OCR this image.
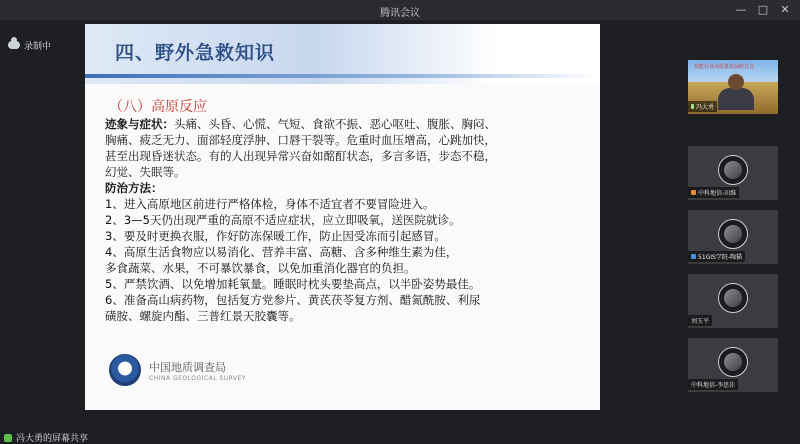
腾讯会议	— □ ✕
录制中	四、野外急救知识
（八）高原反应
迹象与症状：头痛、头昏、心慌、气短、食欲不振、恶心呕吐、腹胀、胸闷、
胸痛、疲乏无力、面部轻度浮肿、口唇干裂等。危重时血压增高，心跳加快，
甚至出现昏迷状态。有的人出现异常兴奋如酩酊状态，多言多语，步态不稳，
幻觉、失眠等。
防治方法：
1、进入高原地区前进行严格体检，身体不适宜者不要冒险进入。
2、3—5天仍出现严重的高原不适应症状，应立即吸氧，送医院就诊。
3、要及时更换衣服，作好防冻保暖工作，防止因受冻而引起感冒。
4、高原生活食物应以易消化、营养丰富、高糖、含多种维生素为佳，
多食蔬菜、水果，不可暴饮暴食，以免加重消化器官的负担。
5、严禁饮酒、以免增加耗氧量。睡眠时枕头要垫高点，以半卧姿势最佳。
6、准备高山病药物，包括复方党参片、黄芪茯苓复方剂、醋氮酰胺、利尿
磺胺、螺旋内酯、三普红景天胶囊等。
中国地质调查局
CHINA GEOLOGICAL SURVEY
技能行业高质量发展研讨会
冯大勇
中科地信-田维
51GIS学院-陶猫
刘玉平
中科地信-李思佳
冯大勇的屏幕共享
